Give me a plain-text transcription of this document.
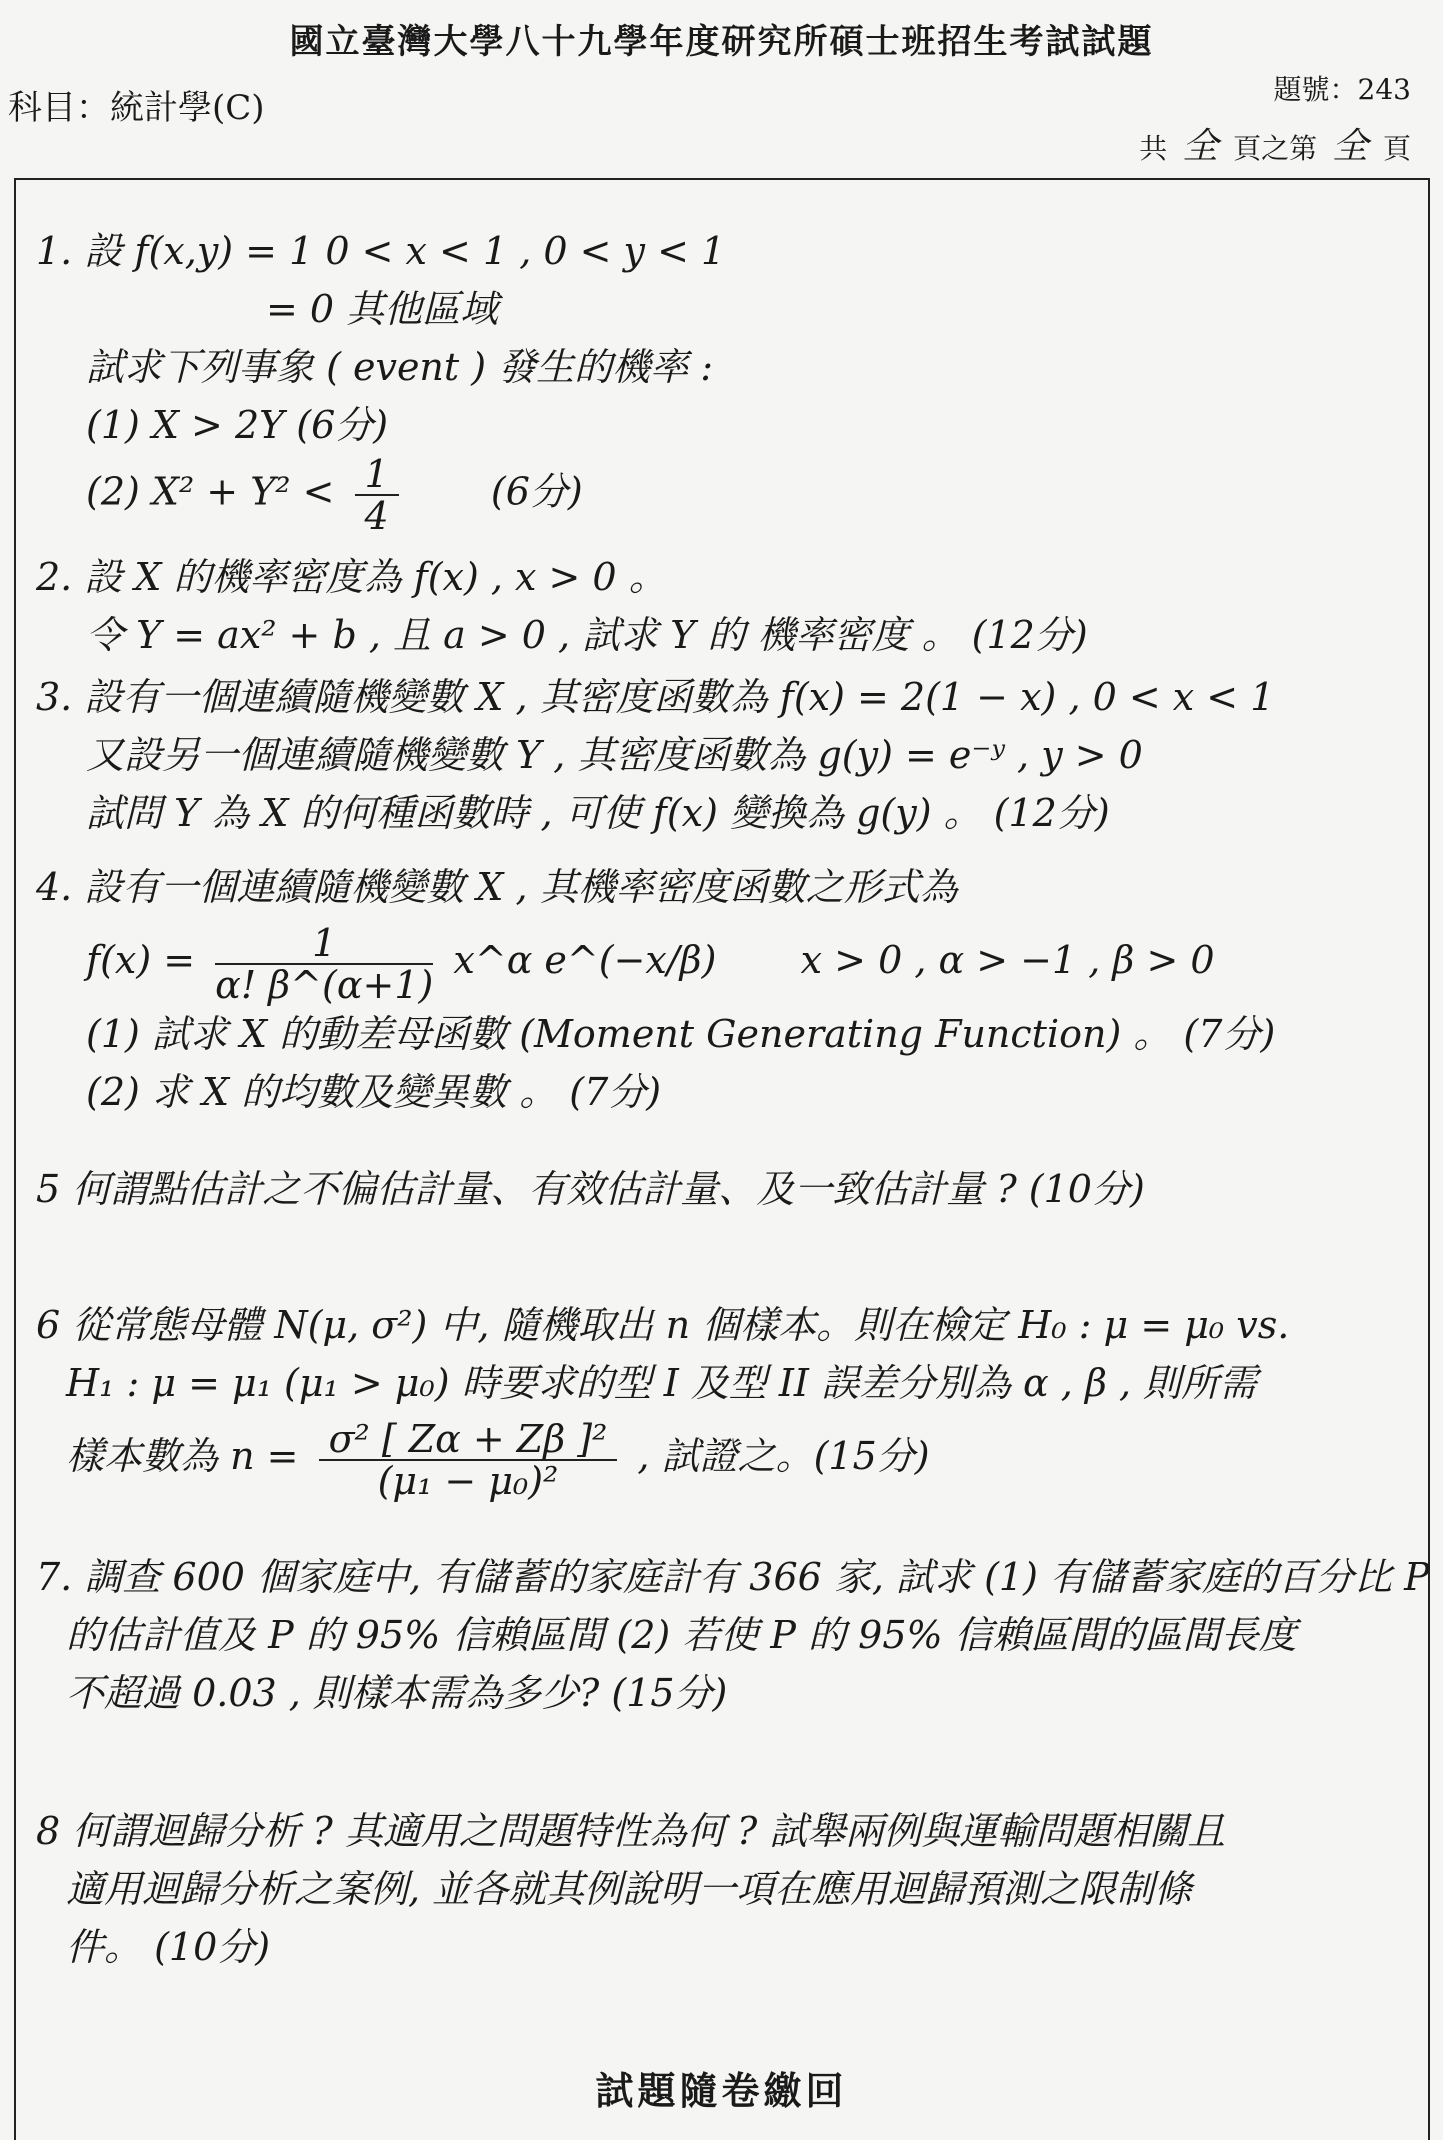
國立臺灣大學八十九學年度研究所碩士班招生考試試題
科目：統計學(C)	題號：243
共 全 頁之第 全 頁
1. 設 f(x,y) = 1 0 < x < 1 , 0 < y < 1
= 0 其他區域
試求下列事象 ( event ) 發生的機率 :
(1) X > 2Y (6分)
(2) $X^2 + Y^2 < \frac{1}{4} (6$分)
2. 設 X 的機率密度為 f(x) , x > 0 。
令 Y = ax² + b , 且 a > 0 , 試求 Y 的 機率密度 。 (12分)
3. 設有一個連續隨機變數 X , 其密度函數為 f(x) = 2(1 − x) , 0 < x < 1
又設另一個連續隨機變數 Y , 其密度函數為 g(y) = e⁻ʸ , y > 0
試問 Y 為 X 的何種函數時 , 可使 f(x) 變換為 g(y) 。 (12分)
4. 設有一個連續隨機變數 X , 其機率密度函數之形式為
$f(x) = \frac{1}{\alpha! \beta\^{}(\alpha+1)}$ x^α e^(−x/β) x > 0 , α > −1 , β > 0
(1) 試求 X 的動差母函數 (Moment Generating Function) 。 (7分)
(2) 求 X 的均數及變異數 。 (7分)
5 何謂點估計之不偏估計量、有效估計量、及一致估計量 ? (10分)
6 從常態母體 N(μ, σ²) 中, 隨機取出 n 個樣本。則在檢定 H₀ : μ = μ₀ vs.
H₁ : μ = μ₁ (μ₁ > μ₀) 時要求的型 I 及型 II 誤差分別為 α , β , 則所需
樣本數為 $n = \frac{\text{σ² [ Zα + Zβ ]²}}{\text{(μ₁ − μ₀)²}}$ , 試證之。(15分)
7. 調查 600 個家庭中, 有儲蓄的家庭計有 366 家, 試求 (1) 有儲蓄家庭的百分比 P
的估計值及 P 的 95% 信賴區間 (2) 若使 P 的 95% 信賴區間的區間長度
不超過 0.03 , 則樣本需為多少? (15分)
8 何謂迴歸分析 ? 其適用之問題特性為何 ? 試舉兩例與運輸問題相關且
適用迴歸分析之案例, 並各就其例說明一項在應用迴歸預測之限制條
件。 (10分)
試題隨卷繳回
